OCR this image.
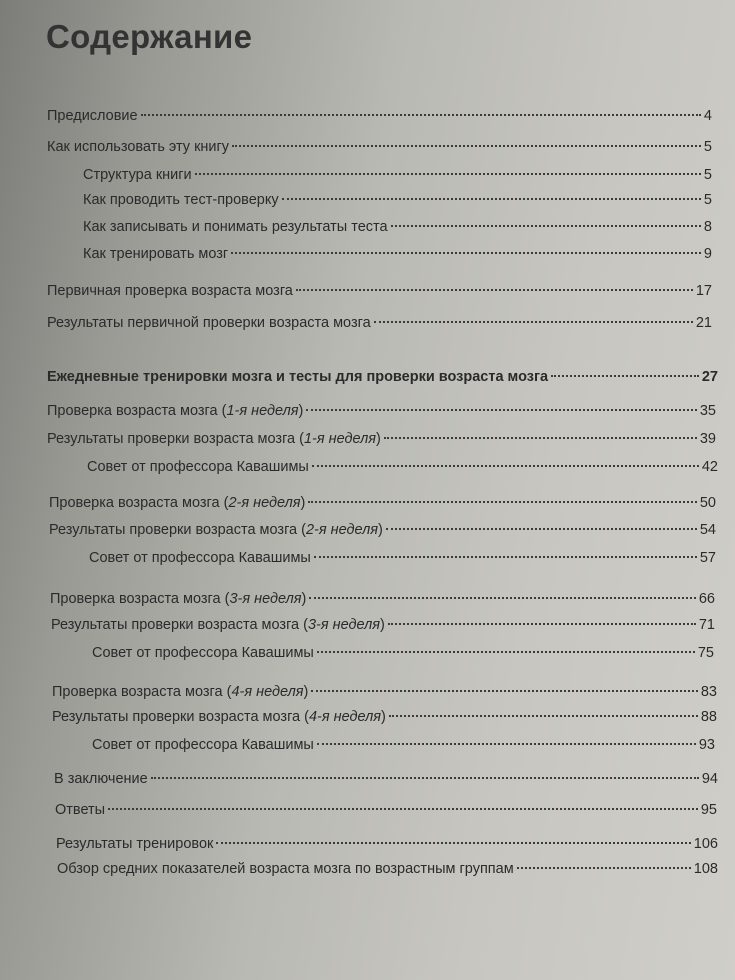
Содержание
Предисловие	4
Как использовать эту книгу	5
Структура книги	5
Как проводить тест-проверку	5
Как записывать и понимать результаты теста	8
Как тренировать мозг	9
Первичная проверка возраста мозга	17
Результаты первичной проверки возраста мозга	21
Ежедневные тренировки мозга и тесты для проверки возраста мозга	27
Проверка возраста мозга (1-я неделя)	35
Результаты проверки возраста мозга (1-я неделя)	39
Совет от профессора Кавашимы	42
Проверка возраста мозга (2-я неделя)	50
Результаты проверки возраста мозга (2-я неделя)	54
Совет от профессора Кавашимы	57
Проверка возраста мозга (3-я неделя)	66
Результаты проверки возраста мозга (3-я неделя)	71
Совет от профессора Кавашимы	75
Проверка возраста мозга (4-я неделя)	83
Результаты проверки возраста мозга (4-я неделя)	88
Совет от профессора Кавашимы	93
В заключение	94
Ответы	95
Результаты тренировок	106
Обзор средних показателей возраста мозга по возрастным группам	108
